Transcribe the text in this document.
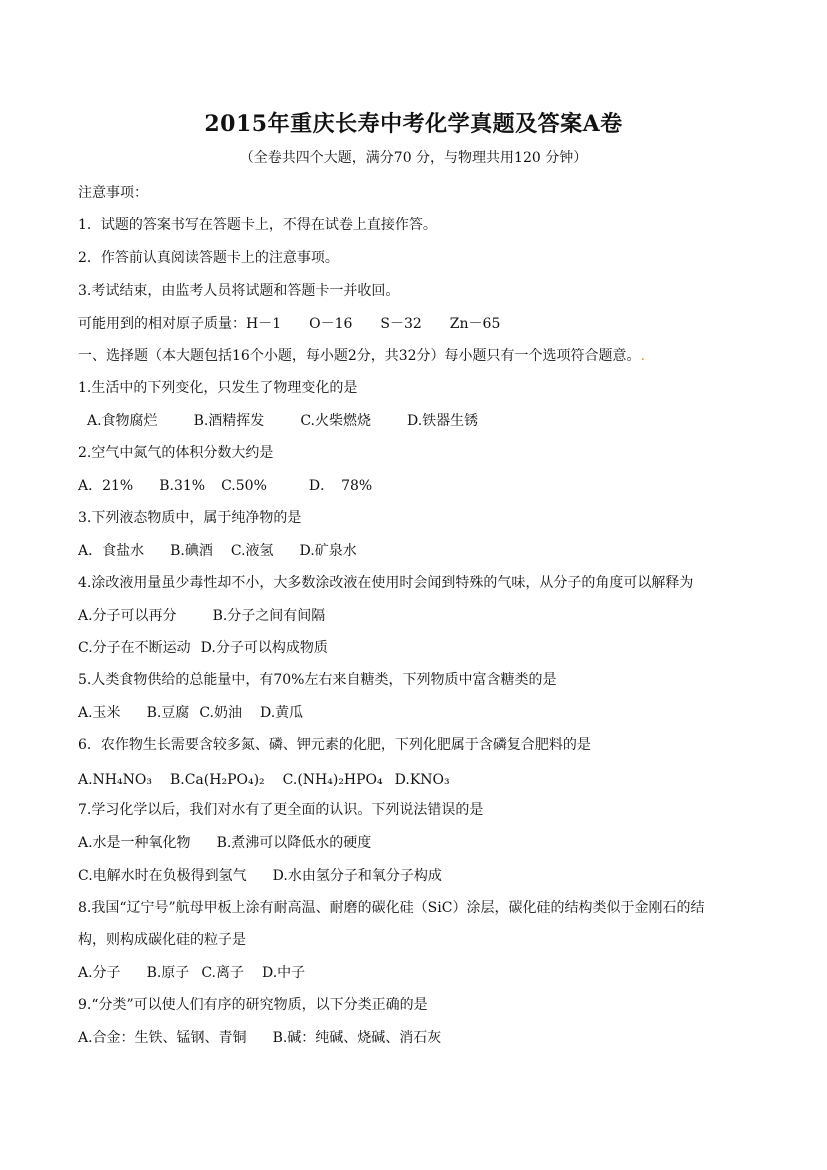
2015年重庆长寿中考化学真题及答案A卷
（全卷共四个大题，满分70 分，与物理共用120 分钟）
注意事项：
1．试题的答案书写在答题卡上，不得在试卷上直接作答。
2．作答前认真阅读答题卡上的注意事项。
3.考试结束，由监考人员将试题和答题卡一并收回。
可能用到的相对原子质量：H－1　　O－16　　S－32　　Zn－65
一、选择题（本大题包括16个小题，每小题2分，共32分）每小题只有一个选项符合题意。.
1.生活中的下列变化，只发生了物理变化的是
A.食物腐烂	B.酒精挥发	C.火柴燃烧	D.铁器生锈
2.空气中氮气的体积分数大约是
A．21% B.31% C.50%	D．　78%
3.下列液态物质中，属于纯净物的是
A．食盐水 B.碘酒 C.液氢 D.矿泉水
4.涂改液用量虽少毒性却不小，大多数涂改液在使用时会闻到特殊的气味，从分子的角度可以解释为
A.分子可以再分	B.分子之间有间隔
C.分子在不断运动 D.分子可以构成物质
5.人类食物供给的总能量中，有70%左右来自糖类，下列物质中富含糖类的是
A.玉米 B.豆腐 C.奶油 D.黄瓜
6．农作物生长需要含较多氮、磷、钾元素的化肥，下列化肥属于含磷复合肥料的是
A.NH₄NO₃ B.Ca(H₂PO₄)₂ C.(NH₄)₂HPO₄ D.KNO₃
7.学习化学以后，我们对水有了更全面的认识。下列说法错误的是
A.水是一种氧化物 B.煮沸可以降低水的硬度
C.电解水时在负极得到氢气 D.水由氢分子和氧分子构成
8.我国“辽宁号”航母甲板上涂有耐高温、耐磨的碳化硅（SiC）涂层，碳化硅的结构类似于金刚石的结
构，则构成碳化硅的粒子是
A.分子 B.原子 C.离子 D.中子
9.“分类”可以使人们有序的研究物质，以下分类正确的是
A.合金：生铁、锰钢、青铜 B.碱：纯碱、烧碱、消石灰
